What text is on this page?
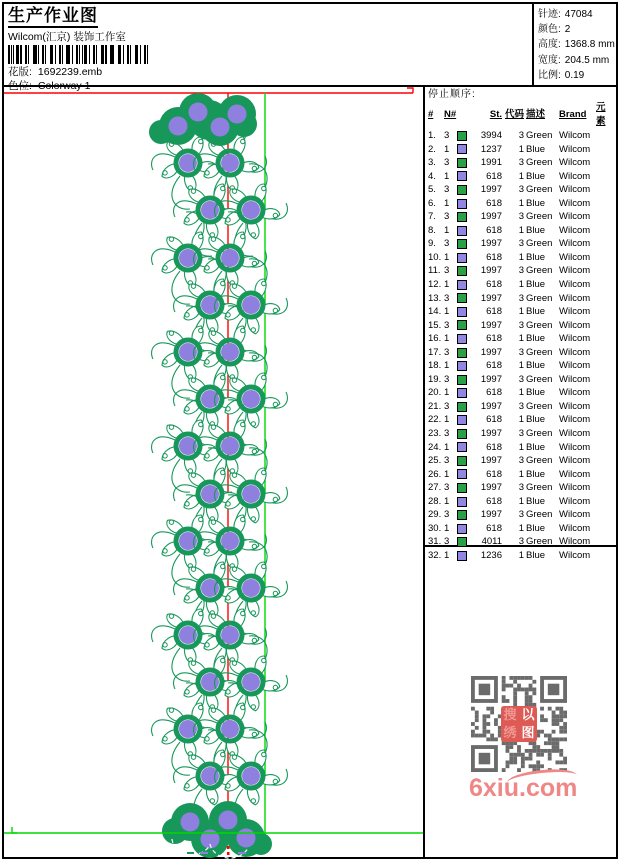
生产作业图
Wilcom(汇京) 装饰工作室
花版: 1692239.emb
色位: Colorway 1
针迹: 47084
颜色: 2
高度: 1368.8 mm
宽度: 204.5 mm
比例: 0.19
停止顺序:
#	N#	St. 代码 描述	Brand
元素
1. 3	3994	3 Green Wilcom
2. 1	1237	1 Blue	Wilcom
3. 3	1991	3 Green Wilcom
4. 1	618	1 Blue	Wilcom
5. 3	1997	3 Green Wilcom
6. 1	618	1 Blue	Wilcom
7. 3	1997	3 Green Wilcom
8. 1	618	1 Blue	Wilcom
9. 3	1997	3 Green Wilcom
10. 1	618	1 Blue	Wilcom
11. 3	1997	3 Green Wilcom
12. 1	618	1 Blue	Wilcom
13. 3	1997	3 Green Wilcom
14. 1	618	1 Blue	Wilcom
15. 3	1997	3 Green Wilcom
16. 1	618	1 Blue	Wilcom
17. 3	1997	3 Green Wilcom
18. 1	618	1 Blue	Wilcom
19. 3	1997	3 Green Wilcom
20. 1	618	1 Blue	Wilcom
21. 3	1997	3 Green Wilcom
22. 1	618	1 Blue	Wilcom
23. 3	1997	3 Green Wilcom
24. 1	618	1 Blue	Wilcom
25. 3	1997	3 Green Wilcom
26. 1	618	1 Blue	Wilcom
27. 3	1997	3 Green Wilcom
28. 1	618	1 Blue	Wilcom
29. 3	1997	3 Green Wilcom
30. 1	618	1 Blue	Wilcom
31. 3	4011	3 Green Wilcom
32. 1	1236	1 Blue	Wilcom
搜 以
绣 图
6xiu.com
